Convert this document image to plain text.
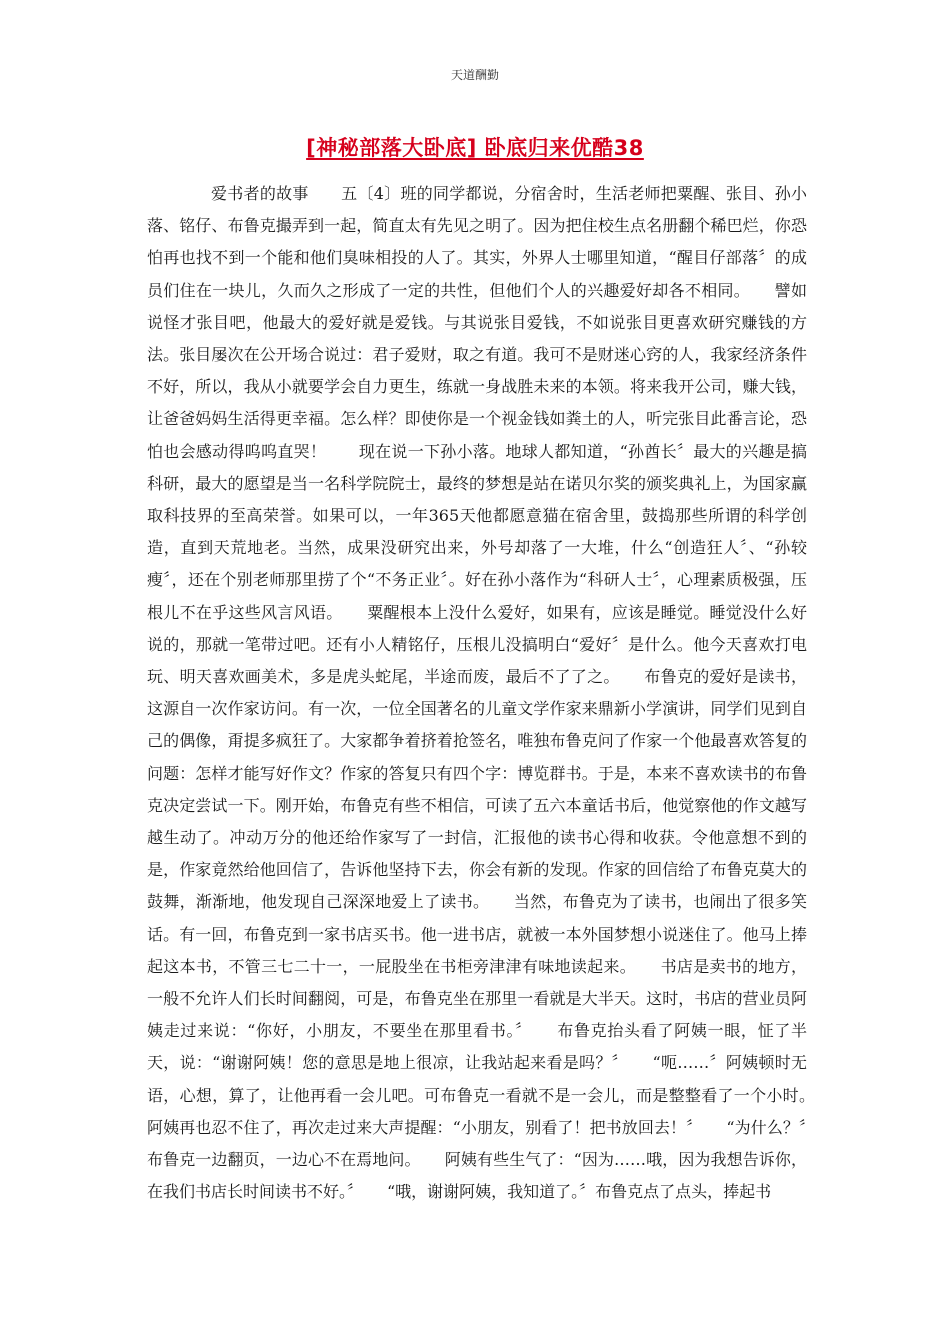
天道酬勤
[神秘部落大卧底] 卧底归来优酷38

爱书者的故事　　五〔4〕班的同学都说，分宿舍时，生活老师把粟醒、张目、孙小落、铭仔、布鲁克撮弄到一起，简直太有先见之明了。因为把住校生点名册翻个稀巴烂，你恐怕再也找不到一个能和他们臭味相投的人了。其实，外界人士哪里知道，“醒目仔部落〞的成员们住在一块儿，久而久之形成了一定的共性，但他们个人的兴趣爱好却各不相同。　　譬如说怪才张目吧，他最大的爱好就是爱钱。与其说张目爱钱，不如说张目更喜欢研究赚钱的方法。张目屡次在公开场合说过：君子爱财，取之有道。我可不是财迷心窍的人，我家经济条件不好，所以，我从小就要学会自力更生，练就一身战胜未来的本领。将来我开公司，赚大钱，让爸爸妈妈生活得更幸福。怎么样？即使你是一个视金钱如粪土的人，听完张目此番言论，恐怕也会感动得呜呜直哭！　　现在说一下孙小落。地球人都知道，“孙酋长〞最大的兴趣是搞科研，最大的愿望是当一名科学院院士，最终的梦想是站在诺贝尔奖的颁奖典礼上，为国家赢取科技界的至高荣誉。如果可以，一年365天他都愿意猫在宿舍里，鼓捣那些所谓的科学创造，直到天荒地老。当然，成果没研究出来，外号却落了一大堆，什么“创造狂人〞、“孙较瘦〞，还在个别老师那里捞了个“不务正业〞。好在孙小落作为“科研人士〞，心理素质极强，压根儿不在乎这些风言风语。　　粟醒根本上没什么爱好，如果有，应该是睡觉。睡觉没什么好说的，那就一笔带过吧。还有小人精铭仔，压根儿没搞明白“爱好〞是什么。他今天喜欢打电玩、明天喜欢画美术，多是虎头蛇尾，半途而废，最后不了了之。　　布鲁克的爱好是读书，这源自一次作家访问。有一次，一位全国著名的儿童文学作家来鼎新小学演讲，同学们见到自己的偶像，甭提多疯狂了。大家都争着挤着抢签名，唯独布鲁克问了作家一个他最喜欢答复的问题：怎样才能写好作文？作家的答复只有四个字：博览群书。于是，本来不喜欢读书的布鲁克决定尝试一下。刚开始，布鲁克有些不相信，可读了五六本童话书后，他觉察他的作文越写越生动了。冲动万分的他还给作家写了一封信，汇报他的读书心得和收获。令他意想不到的是，作家竟然给他回信了，告诉他坚持下去，你会有新的发现。作家的回信给了布鲁克莫大的鼓舞，渐渐地，他发现自己深深地爱上了读书。　　当然，布鲁克为了读书，也闹出了很多笑话。有一回，布鲁克到一家书店买书。他一进书店，就被一本外国梦想小说迷住了。他马上捧起这本书，不管三七二十一，一屁股坐在书柜旁津津有味地读起来。　　书店是卖书的地方，一般不允许人们长时间翻阅，可是，布鲁克坐在那里一看就是大半天。这时，书店的营业员阿姨走过来说：“你好，小朋友，不要坐在那里看书。〞　　布鲁克抬头看了阿姨一眼，怔了半天，说：“谢谢阿姨！您的意思是地上很凉，让我站起来看是吗？〞　　“呃……〞阿姨顿时无语，心想，算了，让他再看一会儿吧。可布鲁克一看就不是一会儿，而是整整看了一个小时。　　阿姨再也忍不住了，再次走过来大声提醒：“小朋友，别看了！把书放回去！〞　　“为什么？〞布鲁克一边翻页，一边心不在焉地问。　　阿姨有些生气了：“因为……哦，因为我想告诉你，在我们书店长时间读书不好。〞　　“哦，谢谢阿姨，我知道了。〞布鲁克点了点头，捧起书
